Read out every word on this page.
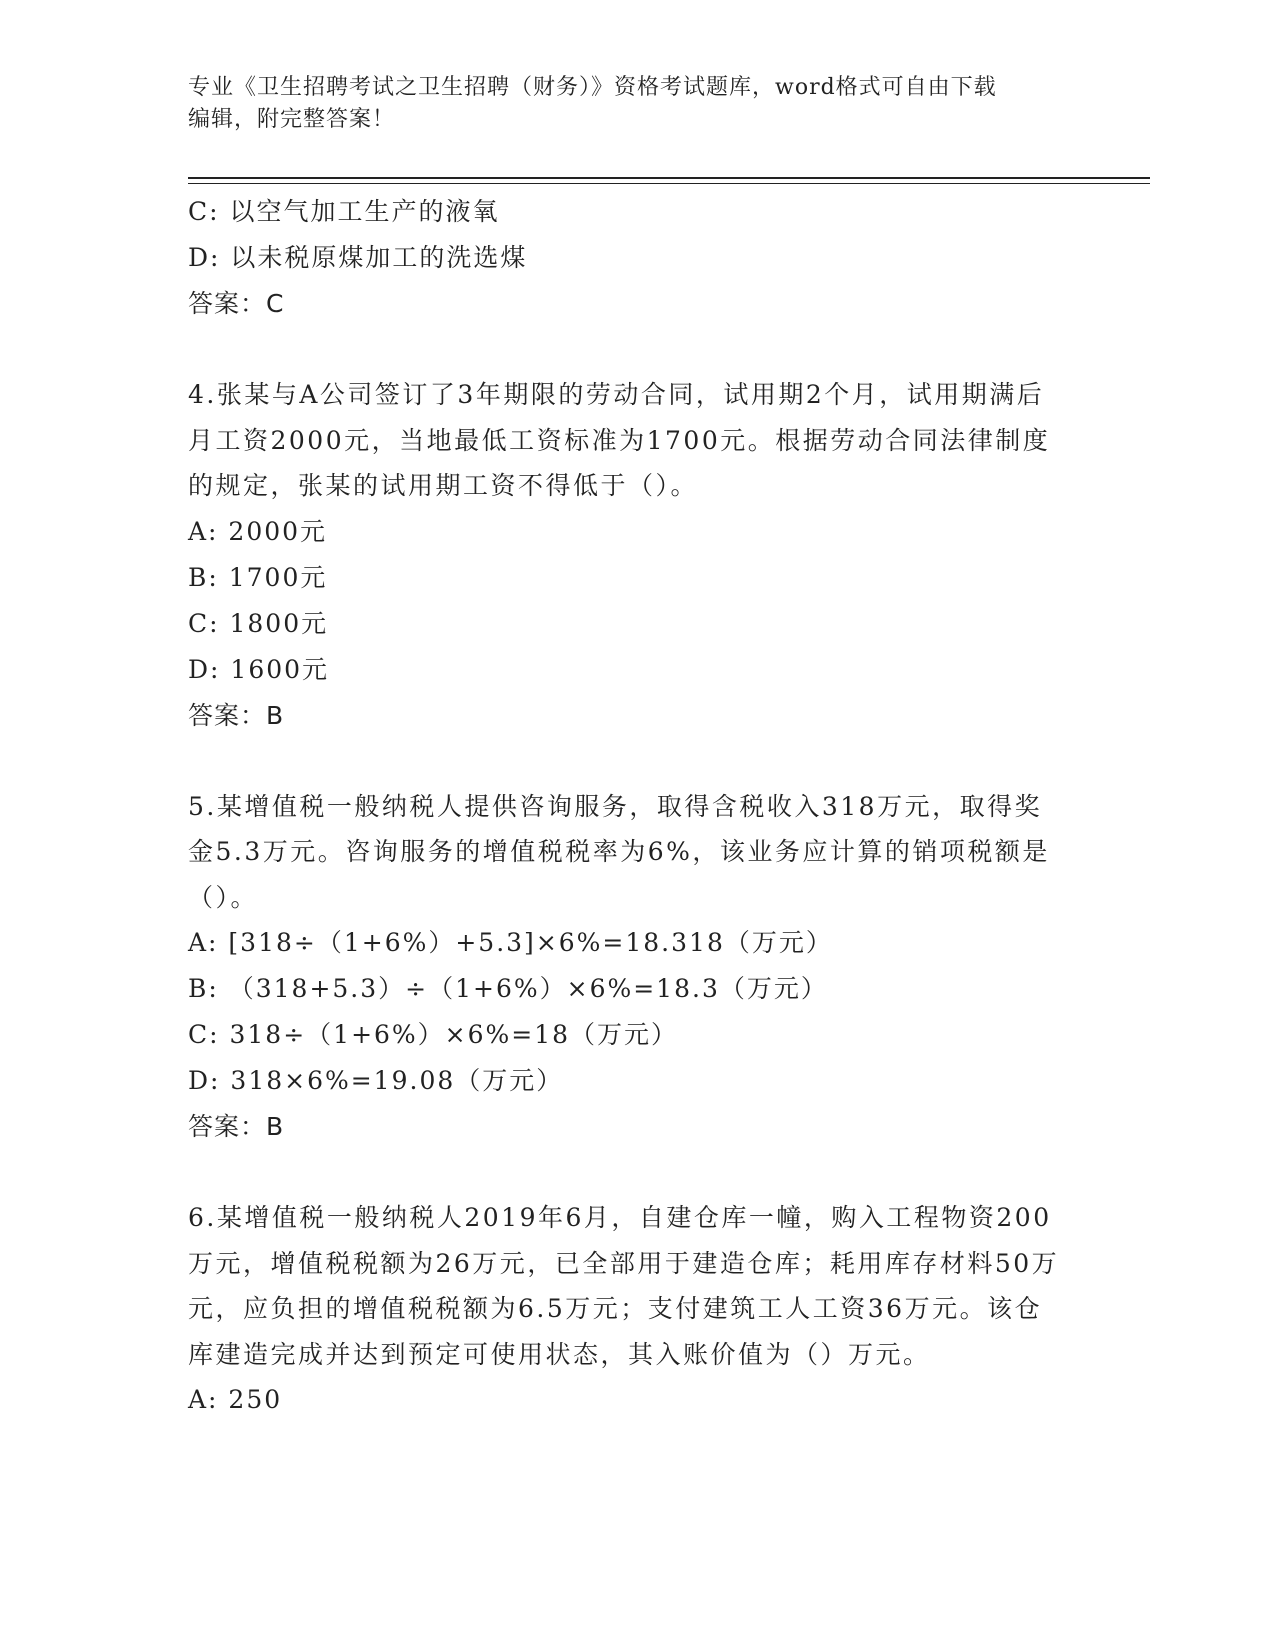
专业《卫生招聘考试之卫生招聘（财务）》资格考试题库，word格式可自由下载
编辑，附完整答案！
C: 以空气加工生产的液氧
D: 以未税原煤加工的洗选煤
答案：C
4.张某与A公司签订了3年期限的劳动合同，试用期2个月，试用期满后月工资2000元，当地最低工资标准为1700元。根据劳动合同法律制度的规定，张某的试用期工资不得低于（）。
A: 2000元
B: 1700元
C: 1800元
D: 1600元
答案：B
5.某增值税一般纳税人提供咨询服务，取得含税收入318万元，取得奖金5.3万元。咨询服务的增值税税率为6%，该业务应计算的销项税额是（）。
A: [318÷（1+6%）+5.3]×6%=18.318（万元）
B: （318+5.3）÷（1+6%）×6%=18.3（万元）
C: 318÷（1+6%）×6%=18（万元）
D: 318×6%=19.08（万元）
答案：B
6.某增值税一般纳税人2019年6月，自建仓库一幢，购入工程物资200万元，增值税税额为26万元，已全部用于建造仓库；耗用库存材料50万元，应负担的增值税税额为6.5万元；支付建筑工人工资36万元。该仓库建造完成并达到预定可使用状态，其入账价值为（）万元。
A: 250
